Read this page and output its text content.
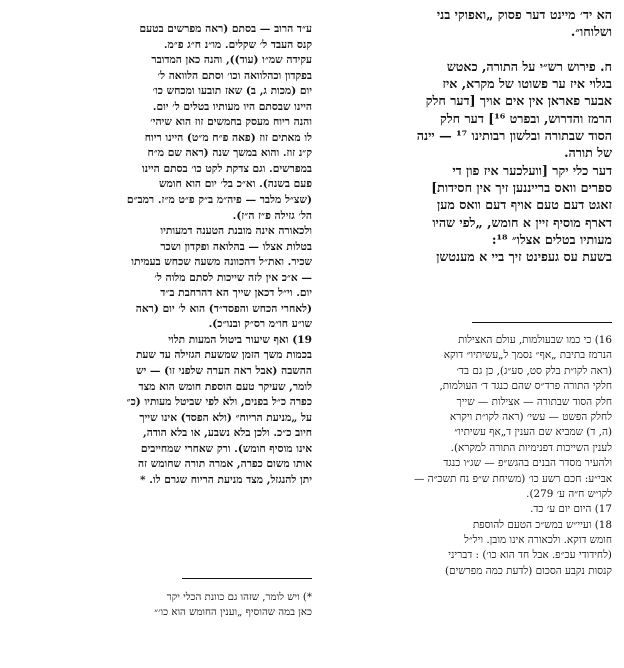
הא יד׳ מיינט דער פסוק „ואפוקי בני
ושלוחו״.
ח. פירוש רש״י על התורה, כאטש
בגלוי איז ער פשוטו של מקרא, איז
אבער פאראן אין אים אויך [דער חלק
הרמז והדרוש, ובפרט ¹⁶] דער חלק
הסוד שבתורה ובלשון רבותינו ¹⁷ — יינה
של תורה.
דער כלי יקר [וועלכער איז פון די
ספרים וואס ברייננען זיך אין חסידות]
זאגט דעם טעם אויף דעם וואס מען
דארף מוסיף זיין א חומש, „לפי שהיו
מעותיו בטלים אצלו״ ¹⁸:
בשעת עס געפינט זיך ביי א מענטשן
16) כי כמו שבעולמות, עולם האצילות
הנרמז בתיבת „אף״ נסמך ל„עשיתיו״ דוקא
(ראה לקו״ת בלק סט, סע״ג), כן גם בד׳
חלקי התורה פרד״ס שהם כנגד ד׳ העולמות,
חלק הסוד שבתורה — אצילות — שייך
לחלק הפשט — עשי׳ (ראה לקו״ת ויקרא
(ה, ד) שמביא שם הענין ד„אף עשיתיו״
לענין השייכות דפנימיות התורה למקרא).
ולהעיר מסדר הבנים בהגש״פ — שג״ו כנגד
אבי״ע: חכם רשע כו׳ (משיחת ש״פ נח תשכ״ה —
לקו״ש ח״ה ע׳ 279).
17) היום יום ע׳ כד.
18) ועיי״ש במש״כ הטעם להוספת
חומש דוקא. ולכאורה אינו מובן. ויל״ל
(לחידודי עכ״פ. אבל חד הוא כו׳) : דבריני
קנסות נקבע הסכום (לדעת כמה מפרשים)
ע״ד הרוב — בסתם (ראה מפרשים בטעם
קנס העבד ל׳ שקלים. מו״נ ח״ג פ״מ.
עקידה שמ״ו (עוד)), והנה כאן המדובר
בפקדון וכהלוואה וכו׳ וסתם הלוואה ל׳
יום (מכות ג, ב) שאז תובעו ומכחש כו׳
היינו שבסתם היו מעותיו בטלים ל׳ יום.
והנה ריוח מעסק בחמשים זוז הוא שיהי׳
לו מאתים זוז (פאה פ״ח מ״ט) היינו ריוח
ק״נ זוז. והוא במשך שנה (ראה שם מ״ח
במפרשים. וגם צדקת לקט כו׳ בסתם היינו
פעם בשנה). וא״כ בל׳ יום הוא חומש
(שצ״ל מלבר — פיה״מ ב״ק פ״ט מ״ז. רמב״ם
הל׳ גזילה פ״ז ה״ז).
ולכאורה אינה מובנת הטענה דמעותיו
בטלות אצלו — בהלואה ופקדון ושכר
שכיר. ואת״ל דהכוונה משעה שכחש בעמיתו
— א״כ אין לזה שייכות לסתם מלוה ל׳
יום. וי״ל דכאן שייך הא דהרחבת ב״ד
(לאחרי הכחש והפסד״ד) הוא ל׳ יום (ראה
שו״ע חו״מ רס״ק ובנו״כ).
19) ואף שיעור ביטול המעות תלוי
בכמות משך הזמן שמשעת הגזילה עד שעת
ההשבה (אבל ראה הערה שלפני זו) — יש
לומר, שעיקר טעם הוספת חומש הוא מצד
כפרה כ״ל בפנים, ולא לפי שביטל מעותיו (כ״
על „מניעת הריוח״ (ולא הפסד) אינו שייך
חיוב כ״כ. ולכן בלא נשבע, או בלא הודה,
אינו מוסיף חומש). ורק שאחרי שמחייבים
אותו משום כפרה, אמרה תורה שחומש זה
יתן להנגזל, מצד מניעת הריוח שגרם לו. *
*) ויש לומר, שזהו גם כוונת הכלי יקר
כאן במה שהוסיף „וענין החומש הוא כו׳״
